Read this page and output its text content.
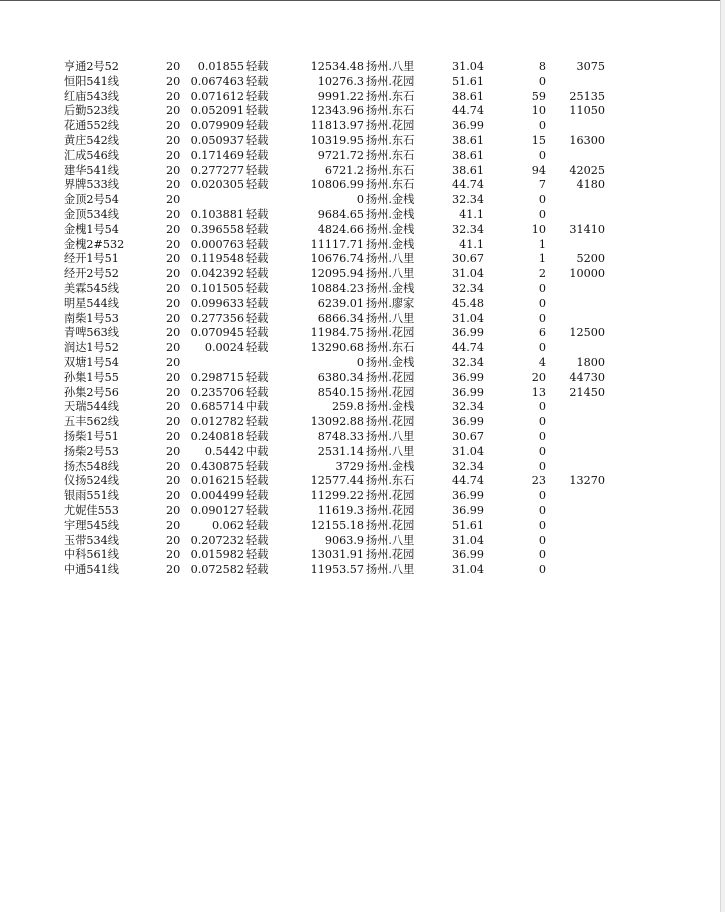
亨通2号52	20	0.01855 轻载	12534.48 扬州.八里	31.04	8	3075
恒阳541线	20 0.067463 轻载	10276.3 扬州.花园	51.61	0
红庙543线	20 0.071612 轻载	9991.22 扬州.东石	38.61	59	25135
后勤523线	20 0.052091 轻载	12343.96 扬州.东石	44.74	10	11050
花通552线	20 0.079909 轻载	11813.97 扬州.花园	36.99	0
黄庄542线	20 0.050937 轻载	10319.95 扬州.东石	38.61	15	16300
汇成546线	20 0.171469 轻载	9721.72 扬州.东石	38.61	0
建华541线	20 0.277277 轻载	6721.2 扬州.东石	38.61	94	42025
界牌533线	20 0.020305 轻载	10806.99 扬州.东石	44.74	7	4180
金顶2号54	20	0 扬州.金桟	32.34	0
金顶534线	20 0.103881 轻载	9684.65 扬州.金桟	41.1	0
金槐1号54	20 0.396558 轻载	4824.66 扬州.金桟	32.34	10	31410
金槐2#532	20 0.000763 轻载	11117.71 扬州.金桟	41.1	1
经开1号51	20 0.119548 轻载	10676.74 扬州.八里	30.67	1	5200
经开2号52	20 0.042392 轻载	12095.94 扬州.八里	31.04	2	10000
美霖545线	20 0.101505 轻载	10884.23 扬州.金桟	32.34	0
明星544线	20 0.099633 轻载	6239.01 扬州.廖家	45.48	0
南柴1号53	20 0.277356 轻载	6866.34 扬州.八里	31.04	0
青啤563线	20 0.070945 轻载	11984.75 扬州.花园	36.99	6	12500
润达1号52	20	0.0024 轻载	13290.68 扬州.东石	44.74	0
双塘1号54	20	0 扬州.金桟	32.34	4	1800
孙集1号55	20 0.298715 轻载	6380.34 扬州.花园	36.99	20	44730
孙集2号56	20 0.235706 轻载	8540.15 扬州.花园	36.99	13	21450
天瑞544线	20 0.685714 中载	259.8 扬州.金桟	32.34	0
五丰562线	20 0.012782 轻载	13092.88 扬州.花园	36.99	0
扬柴1号51	20 0.240818 轻载	8748.33 扬州.八里	30.67	0
扬柴2号53	20	0.5442 中载	2531.14 扬州.八里	31.04	0
扬杰548线	20 0.430875 轻载	3729 扬州.金桟	32.34	0
仪扬524线	20 0.016215 轻载	12577.44 扬州.东石	44.74	23	13270
银雨551线	20 0.004499 轻载	11299.22 扬州.花园	36.99	0
尤妮佳553	20 0.090127 轻载	11619.3 扬州.花园	36.99	0
宇理545线	20	0.062 轻载	12155.18 扬州.花园	51.61	0
玉带534线	20 0.207232 轻载	9063.9 扬州.八里	31.04	0
中科561线	20 0.015982 轻载	13031.91 扬州.花园	36.99	0
中通541线	20 0.072582 轻载	11953.57 扬州.八里	31.04	0
